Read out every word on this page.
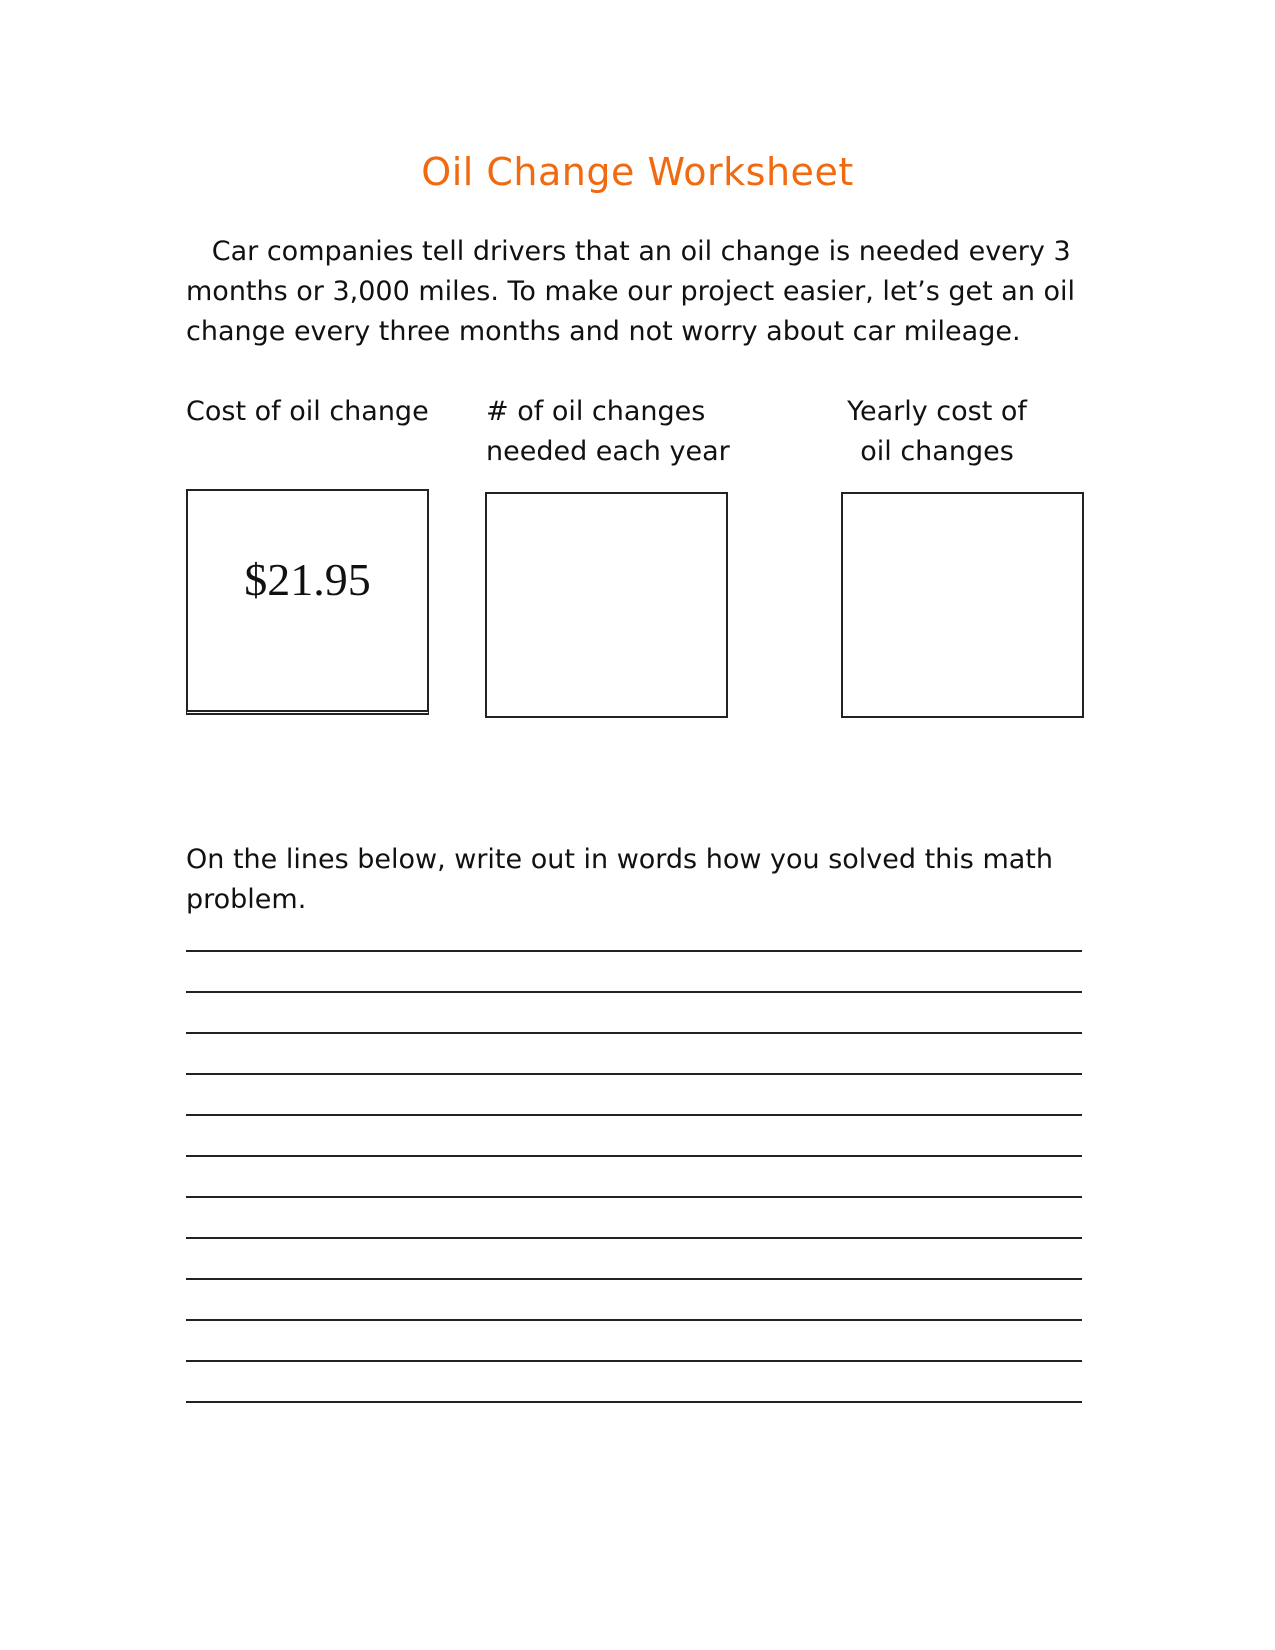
Oil Change Worksheet
Car companies tell drivers that an oil change is needed every 3
months or 3,000 miles. To make our project easier, let’s get an oil
change every three months and not worry about car mileage.
Cost of oil change # of oil changes
needed each year
Yearly cost of
oil changes
$21.95
On the lines below, write out in words how you solved this math
problem.
